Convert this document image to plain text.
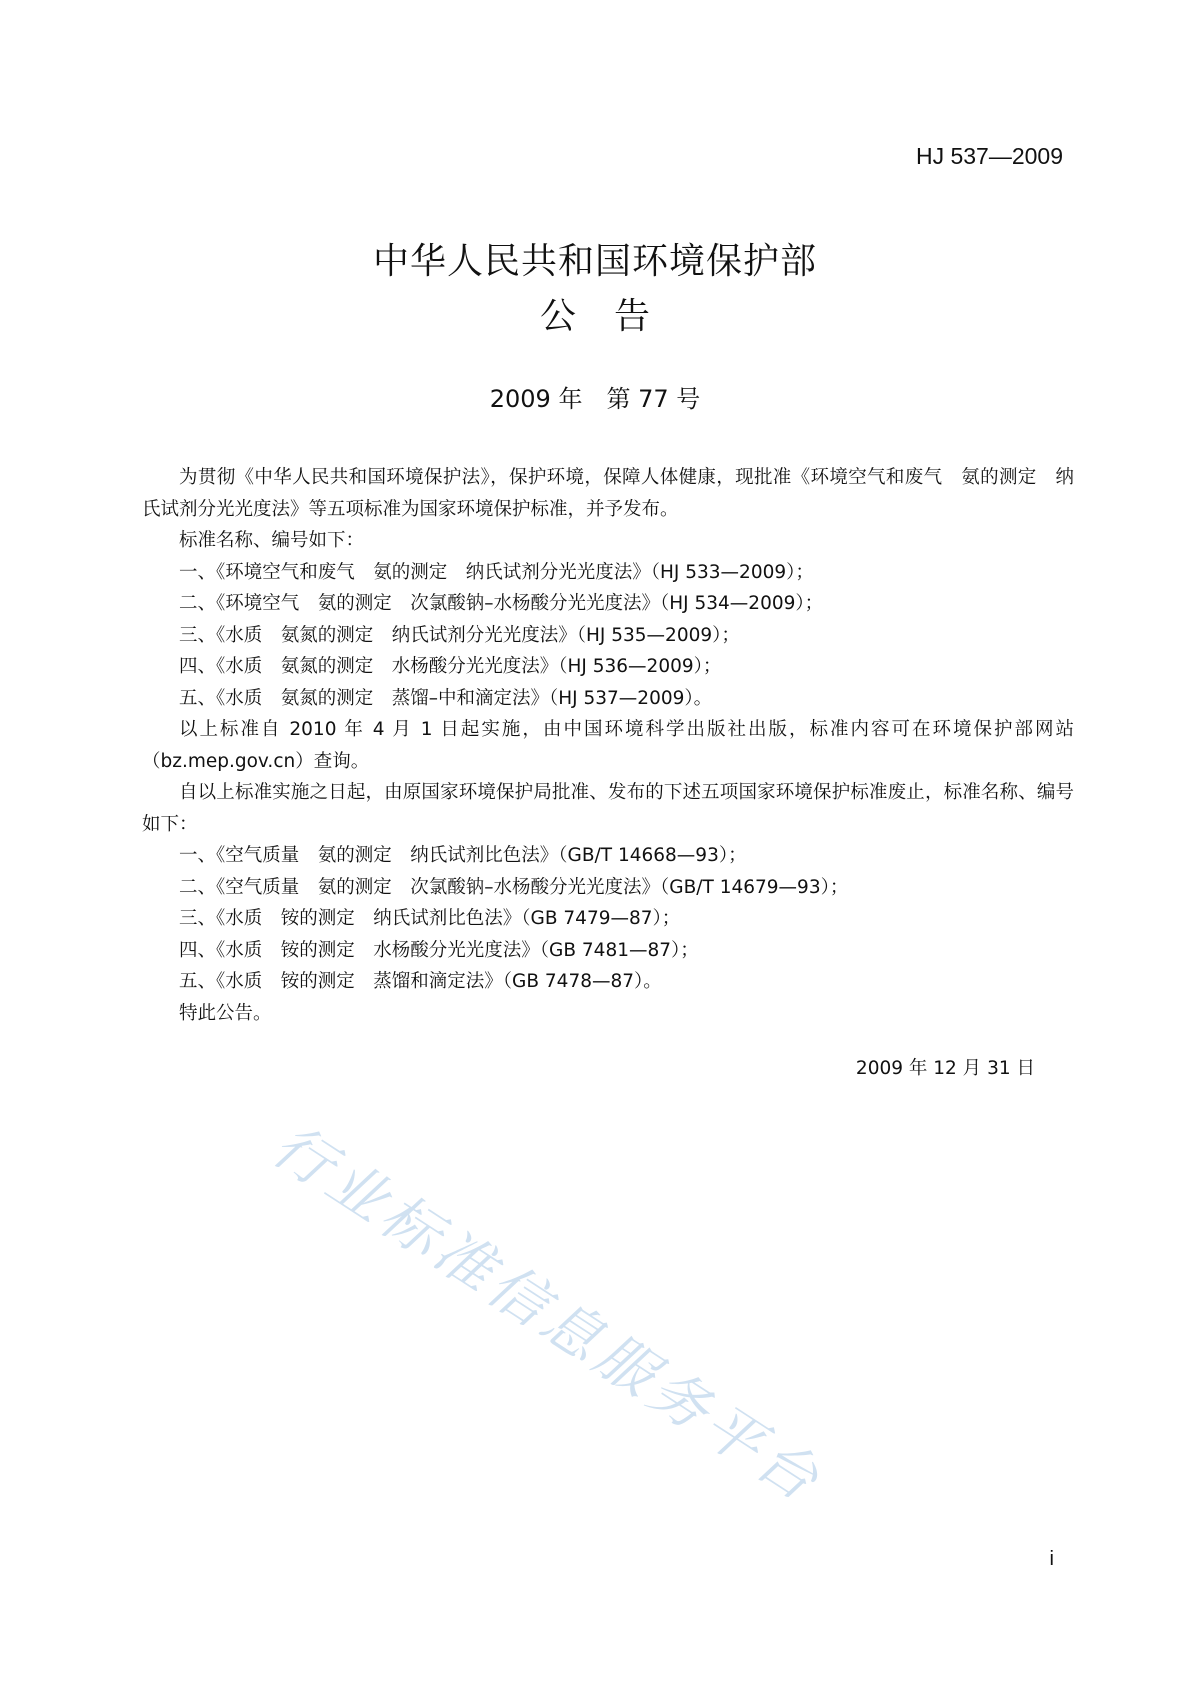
HJ 537—2009
中华人民共和国环境保护部
公告
2009 年　第 77 号

为贯彻《中华人民共和国环境保护法》，保护环境，保障人体健康，现批准《环境空气和废气　氨的测定　纳氏试剂分光光度法》等五项标准为国家环境保护标准，并予发布。

标准名称、编号如下：

一、《环境空气和废气　氨的测定　纳氏试剂分光光度法》（HJ 533—2009）；

二、《环境空气　氨的测定　次氯酸钠–水杨酸分光光度法》（HJ 534—2009）；

三、《水质　氨氮的测定　纳氏试剂分光光度法》（HJ 535—2009）；

四、《水质　氨氮的测定　水杨酸分光光度法》（HJ 536—2009）；

五、《水质　氨氮的测定　蒸馏–中和滴定法》（HJ 537—2009）。

以上标准自 2010 年 4 月 1 日起实施，由中国环境科学出版社出版，标准内容可在环境保护部网站（bz.mep.gov.cn）查询。

自以上标准实施之日起，由原国家环境保护局批准、发布的下述五项国家环境保护标准废止，标准名称、编号如下：

一、《空气质量　氨的测定　纳氏试剂比色法》（GB/T 14668—93）；

二、《空气质量　氨的测定　次氯酸钠–水杨酸分光光度法》（GB/T 14679—93）；

三、《水质　铵的测定　纳氏试剂比色法》（GB 7479—87）；

四、《水质　铵的测定　水杨酸分光光度法》（GB 7481—87）；

五、《水质　铵的测定　蒸馏和滴定法》（GB 7478—87）。

特此公告。

2009 年 12 月 31 日
行业标准信息服务平台
i
